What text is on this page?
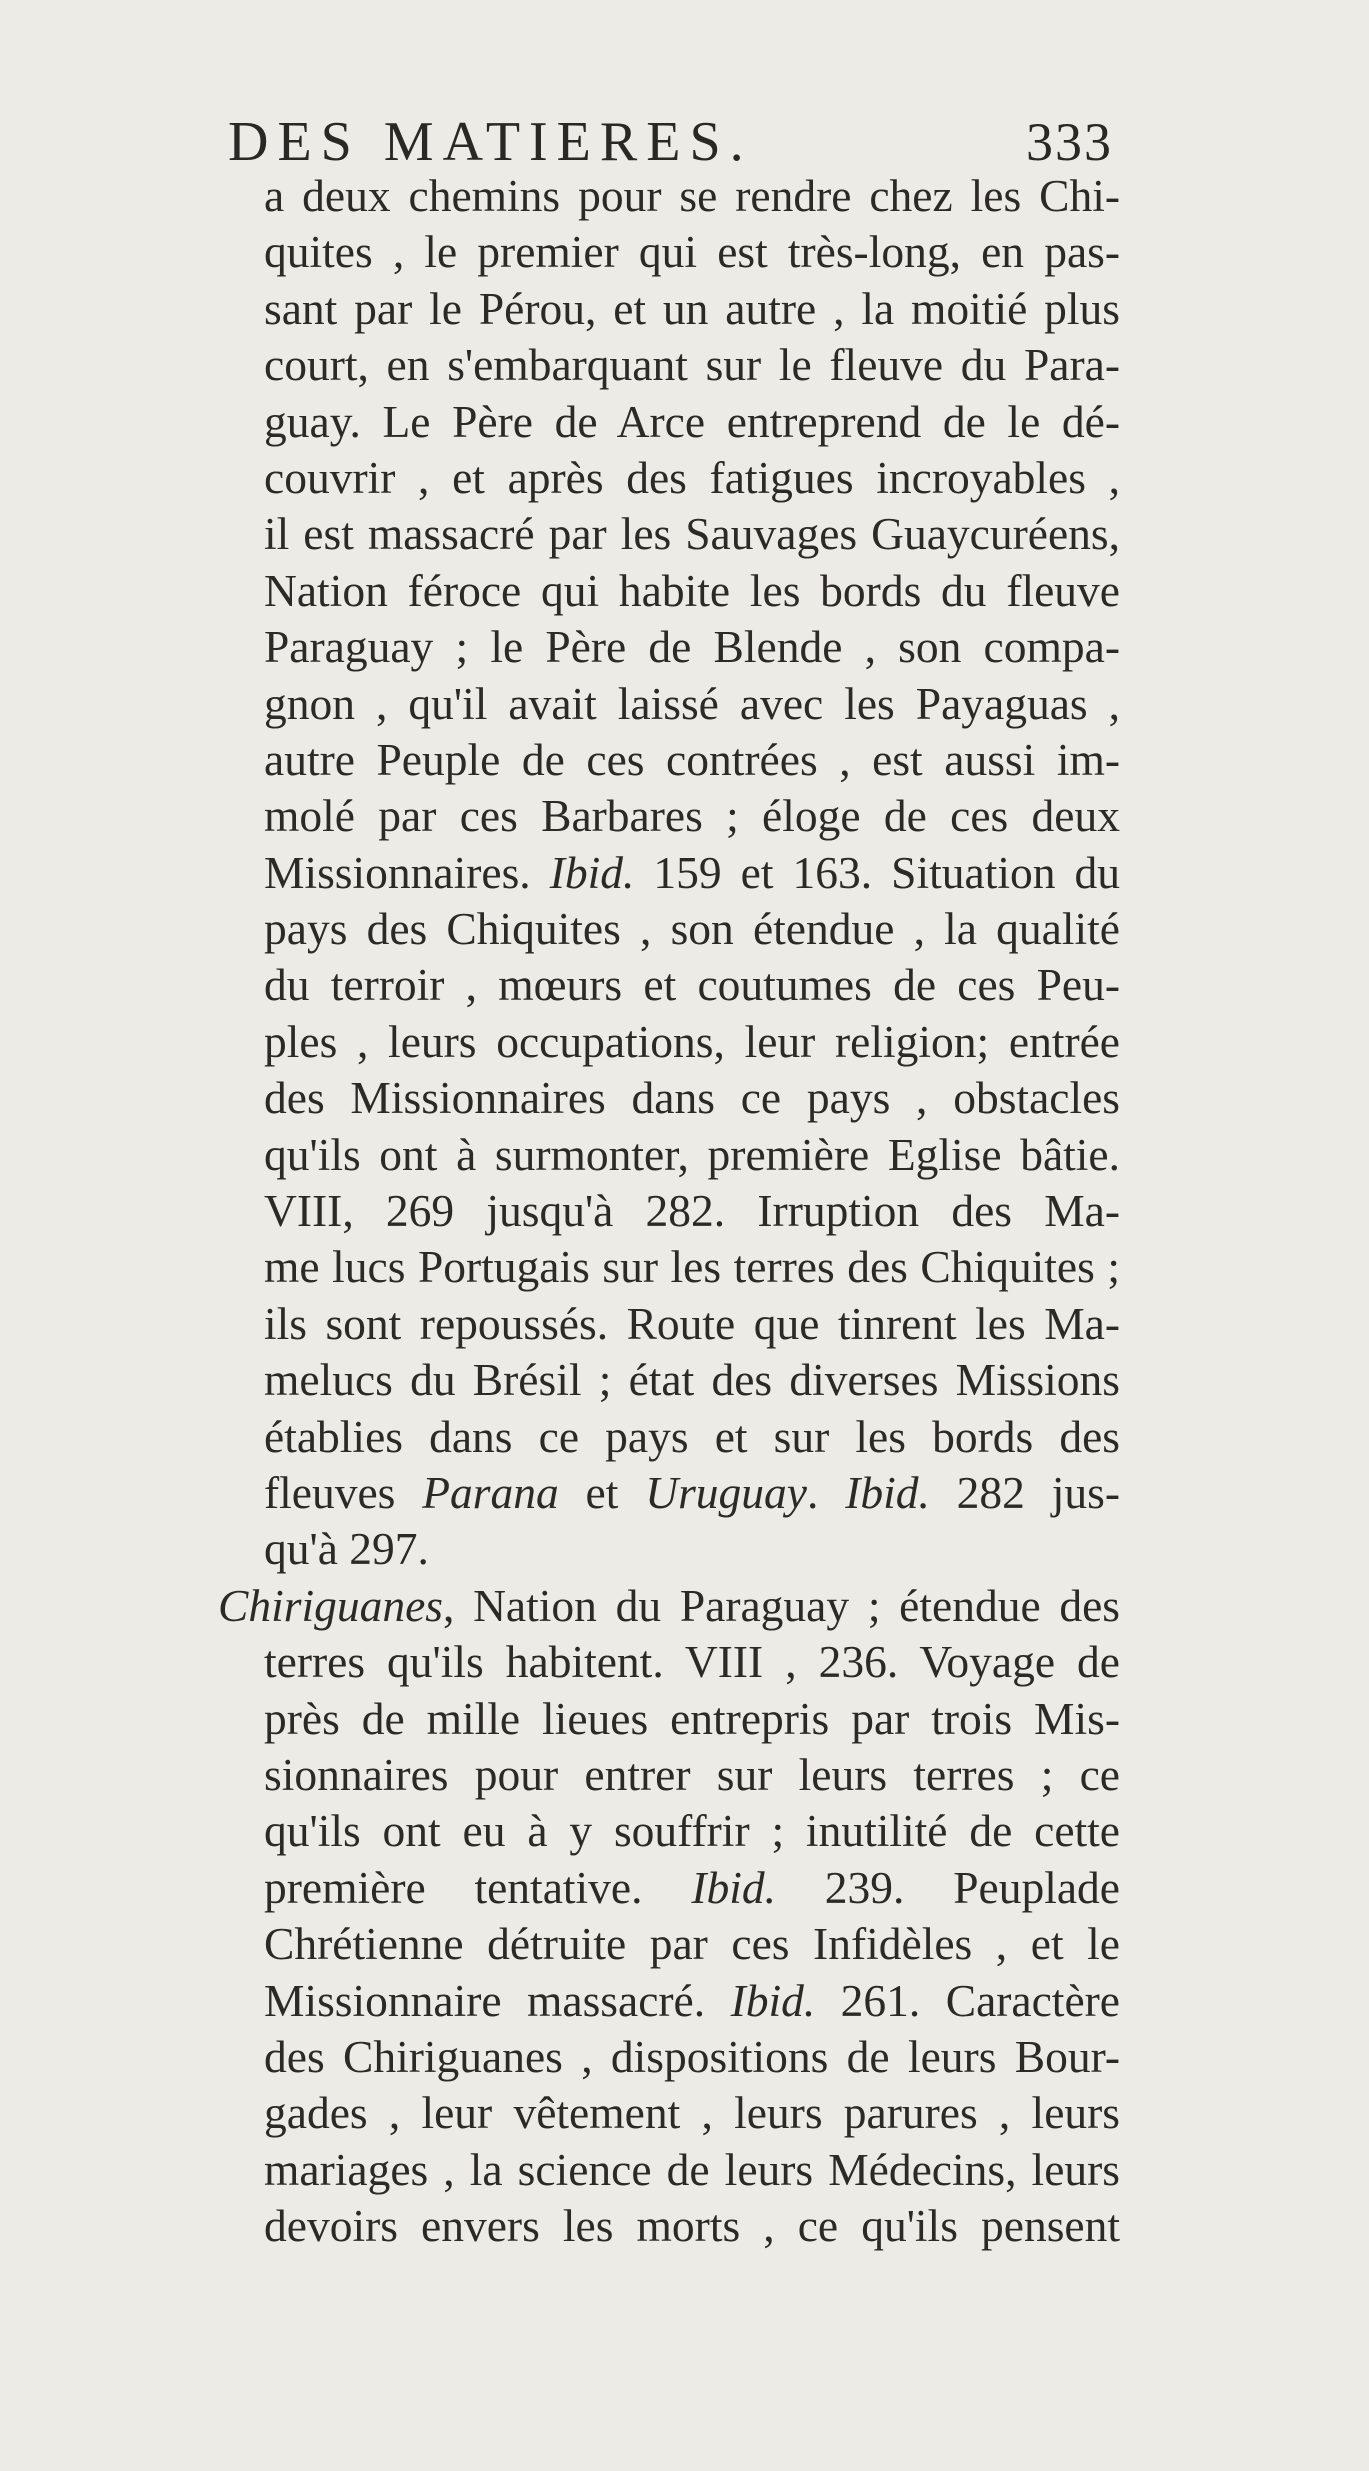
DES MATIERES.	333
a deux chemins pour se rendre chez les Chi-
quites , le premier qui est très-long, en pas-
sant par le Pérou, et un autre , la moitié plus
court, en s'embarquant sur le fleuve du Para-
guay. Le Père de Arce entreprend de le dé-
couvrir , et après des fatigues incroyables ,
il est massacré par les Sauvages Guaycuréens,
Nation féroce qui habite les bords du fleuve
Paraguay ; le Père de Blende , son compa-
gnon , qu'il avait laissé avec les Payaguas ,
autre Peuple de ces contrées , est aussi im-
molé par ces Barbares ; éloge de ces deux
Missionnaires. Ibid. 159 et 163. Situation du
pays des Chiquites , son étendue , la qualité
du terroir , mœurs et coutumes de ces Peu-
ples , leurs occupations, leur religion; entrée
des Missionnaires dans ce pays , obstacles
qu'ils ont à surmonter, première Eglise bâtie.
VIII, 269 jusqu'à 282. Irruption des Ma-
me lucs Portugais sur les terres des Chiquites ;
ils sont repoussés. Route que tinrent les Ma-
melucs du Brésil ; état des diverses Missions
établies dans ce pays et sur les bords des
fleuves Parana et Uruguay. Ibid. 282 jus-
qu'à 297.
Chiriguanes, Nation du Paraguay ; étendue des
terres qu'ils habitent. VIII , 236. Voyage de
près de mille lieues entrepris par trois Mis-
sionnaires pour entrer sur leurs terres ; ce
qu'ils ont eu à y souffrir ; inutilité de cette
première tentative. Ibid. 239. Peuplade
Chrétienne détruite par ces Infidèles , et le
Missionnaire massacré. Ibid. 261. Caractère
des Chiriguanes , dispositions de leurs Bour-
gades , leur vêtement , leurs parures , leurs
mariages , la science de leurs Médecins, leurs
devoirs envers les morts , ce qu'ils pensent
